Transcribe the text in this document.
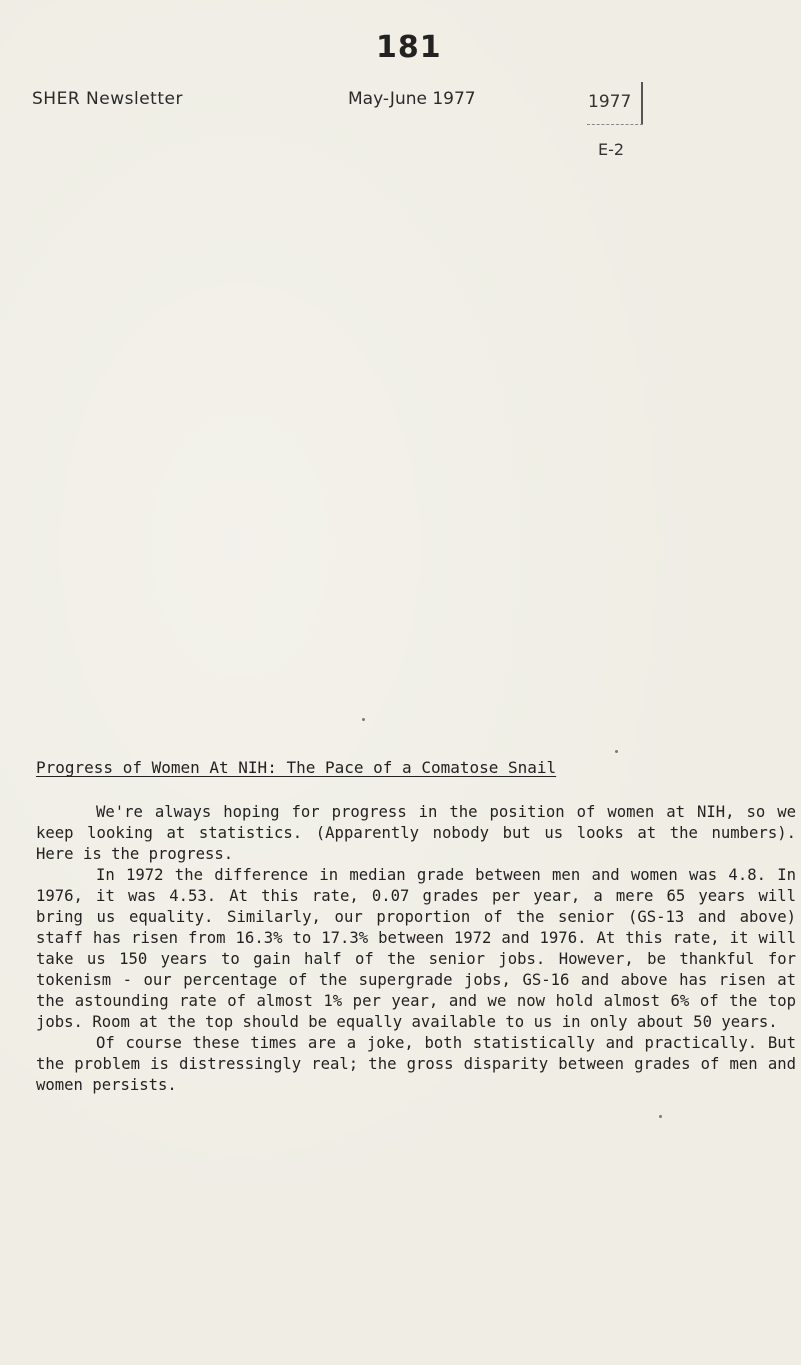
181
SHER Newsletter	May-June 1977	1977
E-2
Progress of Women At NIH: The Pace of a Comatose Snail

We're always hoping for progress in the position of women at NIH, so we keep looking at statistics. (Apparently nobody but us looks at the numbers). Here is the progress.

In 1972 the difference in median grade between men and women was 4.8. In 1976, it was 4.53. At this rate, 0.07 grades per year, a mere 65 years will bring us equality. Similarly, our proportion of the senior (GS-13 and above) staff has risen from 16.3% to 17.3% between 1972 and 1976. At this rate, it will take us 150 years to gain half of the senior jobs. However, be thankful for tokenism - our percentage of the supergrade jobs, GS-16 and above has risen at the astounding rate of almost 1% per year, and we now hold almost 6% of the top jobs. Room at the top should be equally available to us in only about 50 years.

Of course these times are a joke, both statistically and practically. But the problem is distressingly real; the gross disparity between grades of men and women persists.
